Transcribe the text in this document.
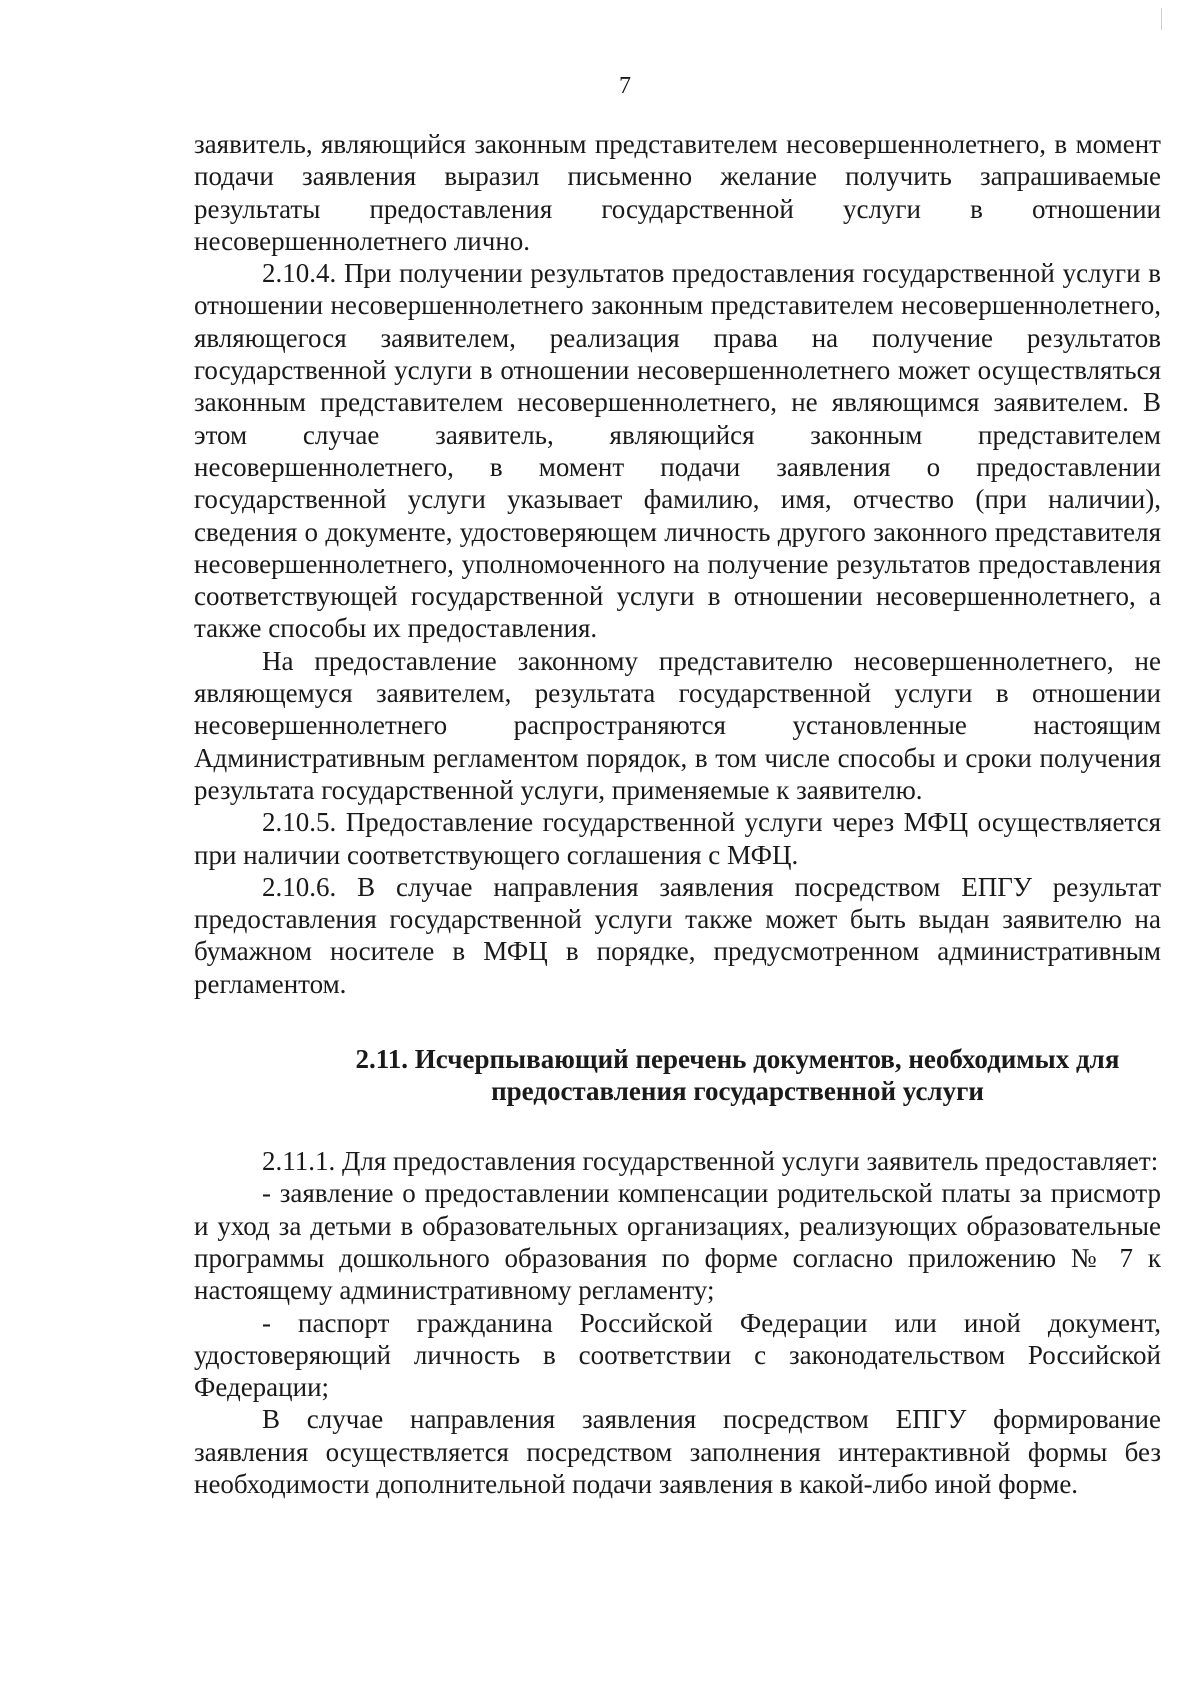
7

заявитель, являющийся законным представителем несовершеннолетнего, в момент подачи заявления выразил письменно желание получить запрашиваемые результаты предоставления государственной услуги в отношении несовершеннолетнего лично.

2.10.4. При получении результатов предоставления государственной услуги в отношении несовершеннолетнего законным представителем несовершеннолетнего, являющегося заявителем, реализация права на получение результатов государственной услуги в отношении несовершеннолетнего может осуществляться законным представителем несовершеннолетнего, не являющимся заявителем. В этом случае заявитель, являющийся законным представителем несовершеннолетнего, в момент подачи заявления о предоставлении государственной услуги указывает фамилию, имя, отчество (при наличии), сведения о документе, удостоверяющем личность другого законного представителя несовершеннолетнего, уполномоченного на получение результатов предоставления соответствующей государственной услуги в отношении несовершеннолетнего, а также способы их предоставления.

На предоставление законному представителю несовершеннолетнего, не являющемуся заявителем, результата государственной услуги в отношении несовершеннолетнего распространяются установленные настоящим Административным регламентом порядок, в том числе способы и сроки получения результата государственной услуги, применяемые к заявителю.

2.10.5. Предоставление государственной услуги через МФЦ осуществляется при наличии соответствующего соглашения с МФЦ.

2.10.6. В случае направления заявления посредством ЕПГУ результат предоставления государственной услуги также может быть выдан заявителю на бумажном носителе в МФЦ в порядке, предусмотренном административным регламентом.

2.11. Исчерпывающий перечень документов, необходимых для предоставления государственной услуги

2.11.1. Для предоставления государственной услуги заявитель предоставляет:

- заявление о предоставлении компенсации родительской платы за присмотр и уход за детьми в образовательных организациях, реализующих образовательные программы дошкольного образования по форме согласно приложению № 7 к настоящему административному регламенту;

- паспорт гражданина Российской Федерации или иной документ, удостоверяющий личность в соответствии с законодательством Российской Федерации;

В случае направления заявления посредством ЕПГУ формирование заявления осуществляется посредством заполнения интерактивной формы без необходимости дополнительной подачи заявления в какой-либо иной форме.
